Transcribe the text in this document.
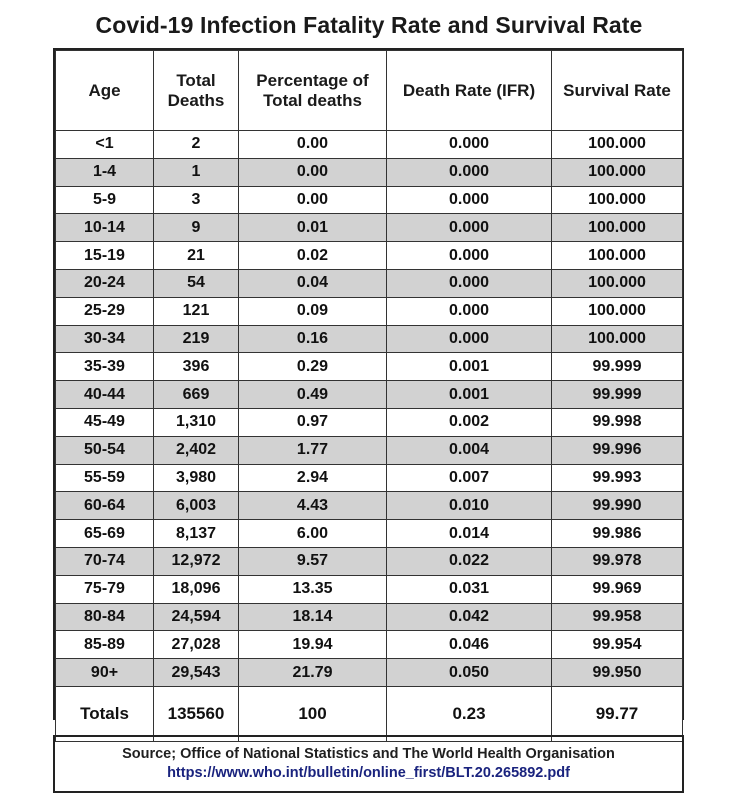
Covid-19 Infection Fatality Rate and Survival Rate
Age	Total Deaths	Percentage of Total deaths	Death Rate (IFR)	Survival Rate
<1	2	0.00	0.000	100.000
1-4	1	0.00	0.000	100.000
5-9	3	0.00	0.000	100.000
10-14	9	0.01	0.000	100.000
15-19	21	0.02	0.000	100.000
20-24	54	0.04	0.000	100.000
25-29	121	0.09	0.000	100.000
30-34	219	0.16	0.000	100.000
35-39	396	0.29	0.001	99.999
40-44	669	0.49	0.001	99.999
45-49	1,310	0.97	0.002	99.998
50-54	2,402	1.77	0.004	99.996
55-59	3,980	2.94	0.007	99.993
60-64	6,003	4.43	0.010	99.990
65-69	8,137	6.00	0.014	99.986
70-74	12,972	9.57	0.022	99.978
75-79	18,096	13.35	0.031	99.969
80-84	24,594	18.14	0.042	99.958
85-89	27,028	19.94	0.046	99.954
90+	29,543	21.79	0.050	99.950
Totals	135560	100	0.23	99.77
Source; Office of National Statistics and The World Health Organisation
https://www.who.int/bulletin/online_first/BLT.20.265892.pdf
